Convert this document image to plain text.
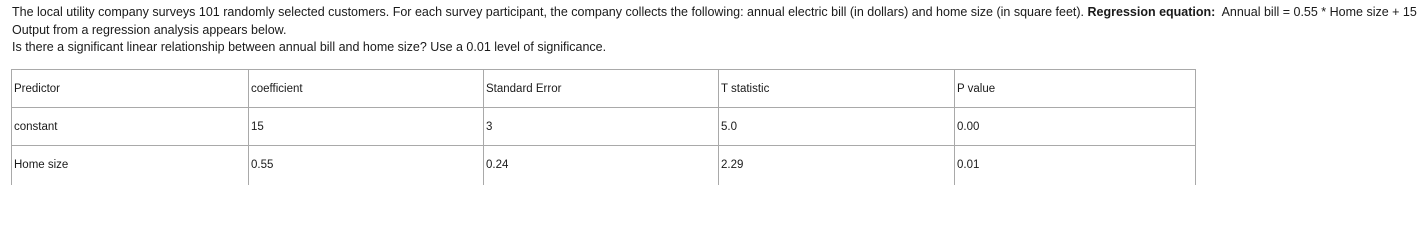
The local utility company surveys 101 randomly selected customers. For each survey participant, the company collects the following: annual electric bill (in dollars) and home size (in square feet). Regression equation:  Annual bill = 0.55 * Home size + 15
Output from a regression analysis appears below.
Is there a significant linear relationship between annual bill and home size? Use a 0.01 level of significance.
Predictor	coefficient	Standard Error	T statistic	P value
constant	15	3	5.0	0.00
Home size	0.55	0.24	2.29	0.01
